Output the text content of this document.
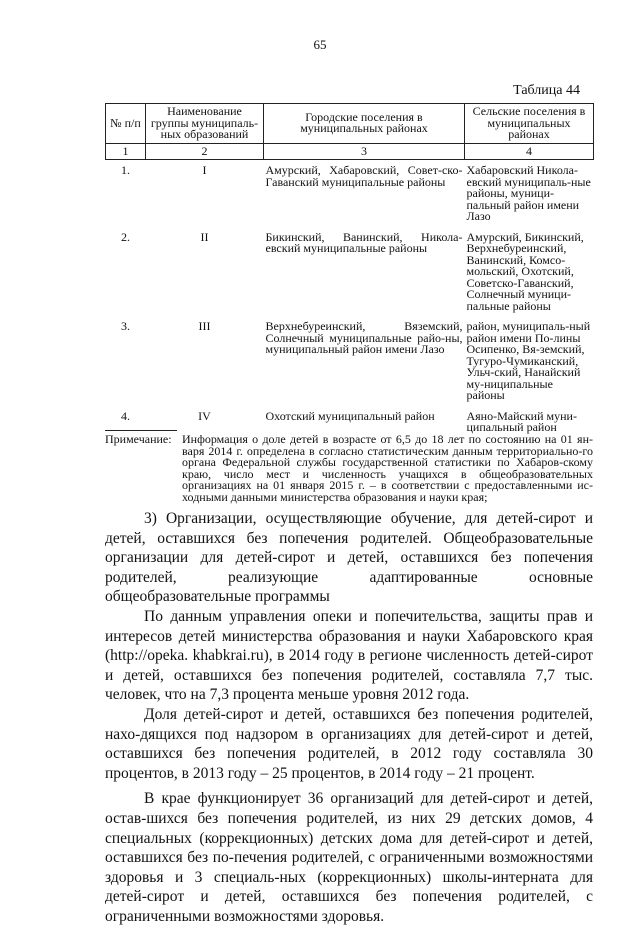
65
Таблица 44
№ п/п	Наименование группы муниципаль-ных образований	Городские поселения в муниципальных районах	Сельские поселения в муниципальных районах
1	2	3	4
1.	I	Амурский, Хабаровский, Совет-ско-Гаванский муниципальные районы	Хабаровский Никола-евский муниципаль-ные районы, муници-пальный район имени Лазо
2.	II	Бикинский, Ванинский, Никола-евский муниципальные районы	Амурский, Бикинский, Верхнебуреинский, Ванинский, Комсо-мольский, Охотский, Советско-Гаванский, Солнечный муници-пальные районы
3.	III	Верхнебуреинский, Вяземский, Солнечный муниципальные райо-ны, муниципальный район имени Лазо	район, муниципаль-ный район имени По-лины Осипенко, Вя-земский, Тугуро-Чумиканский, Ульч-ский, Нанайский му-ниципальные районы
4.	IV	Охотский муниципальный район	Аяно-Майский муни-ципальный район
Примечание: Информация о доле детей в возрасте от 6,5 до 18 лет по состоянию на 01 ян-варя 2014 г. определена в согласно статистическим данным территориально-го органа Федеральной службы государственной статистики по Хабаров-скому краю, число мест и численность учащихся в общеобразовательных организациях на 01 января 2015 г. – в соответствии с предоставленными ис-ходными данными министерства образования и науки края;

3) Организации, осуществляющие обучение, для детей-сирот и детей, оставшихся без попечения родителей. Общеобразовательные организации для детей-сирот и детей, оставшихся без попечения родителей, реализующие адаптированные основные общеобразовательные программы

По данным управления опеки и попечительства, защиты прав и интересов детей министерства образования и науки Хабаровского края (http://opeka. khabkrai.ru), в 2014 году в регионе численность детей-сирот и детей, оставшихся без попечения родителей, составляла 7,7 тыс. человек, что на 7,3 процента меньше уровня 2012 года.

Доля детей-сирот и детей, оставшихся без попечения родителей, нахо-дящихся под надзором в организациях для детей-сирот и детей, оставшихся без попечения родителей, в 2012 году составляла 30 процентов, в 2013 году – 25 процентов, в 2014 году – 21 процент.

В крае функционирует 36 организаций для детей-сирот и детей, остав-шихся без попечения родителей, из них 29 детских домов, 4 специальных (коррекционных) детских дома для детей-сирот и детей, оставшихся без по-печения родителей, с ограниченными возможностями здоровья и 3 специаль-ных (коррекционных) школы-интерната для детей-сирот и детей, оставшихся без попечения родителей, с ограниченными возможностями здоровья.
